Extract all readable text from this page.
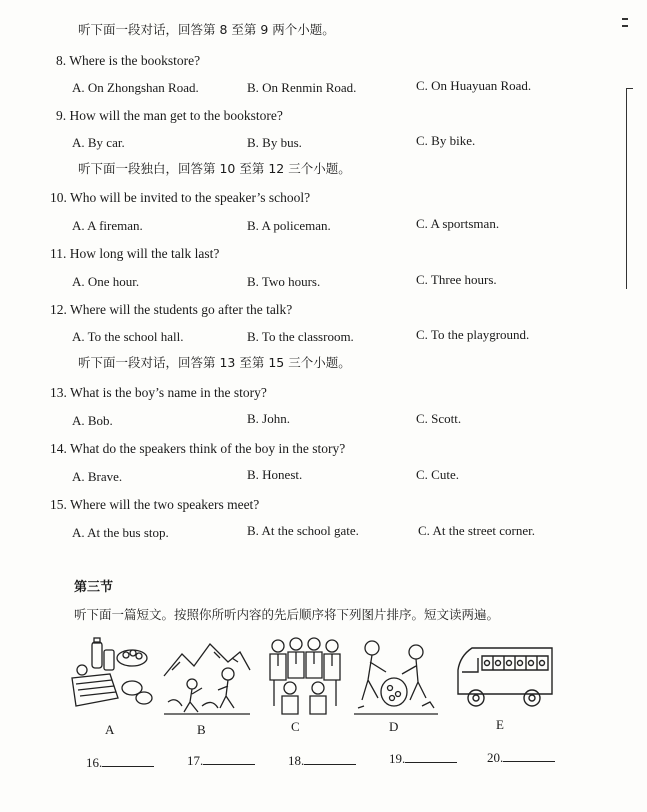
听下面一段对话，回答第 8 至第 9 两个小题。
8. Where is the bookstore?
A. On Zhongshan Road.	B. On Renmin Road.	C. On Huayuan Road.
9. How will the man get to the bookstore?
A. By car.	B. By bus.	C. By bike.
听下面一段独白，回答第 10 至第 12 三个小题。
10. Who will be invited to the speaker’s school?
A. A fireman.	B. A policeman.	C. A sportsman.
11. How long will the talk last?
A. One hour.	B. Two hours.	C. Three hours.
12. Where will the students go after the talk?
A. To the school hall.	B. To the classroom.	C. To the playground.
听下面一段对话，回答第 13 至第 15 三个小题。
13. What is the boy’s name in the story?
A. Bob.	B. John.	C. Scott.
14. What do the speakers think of the boy in the story?
A. Brave.	B. Honest.	C. Cute.
15. Where will the two speakers meet?
A. At the bus stop.	B. At the school gate.	C. At the street corner.
第三节
听下面一篇短文。按照你所听内容的先后顺序将下列图片排序。短文读两遍。
A	B	C	D	E
16.	17.	18.	19.	20.
